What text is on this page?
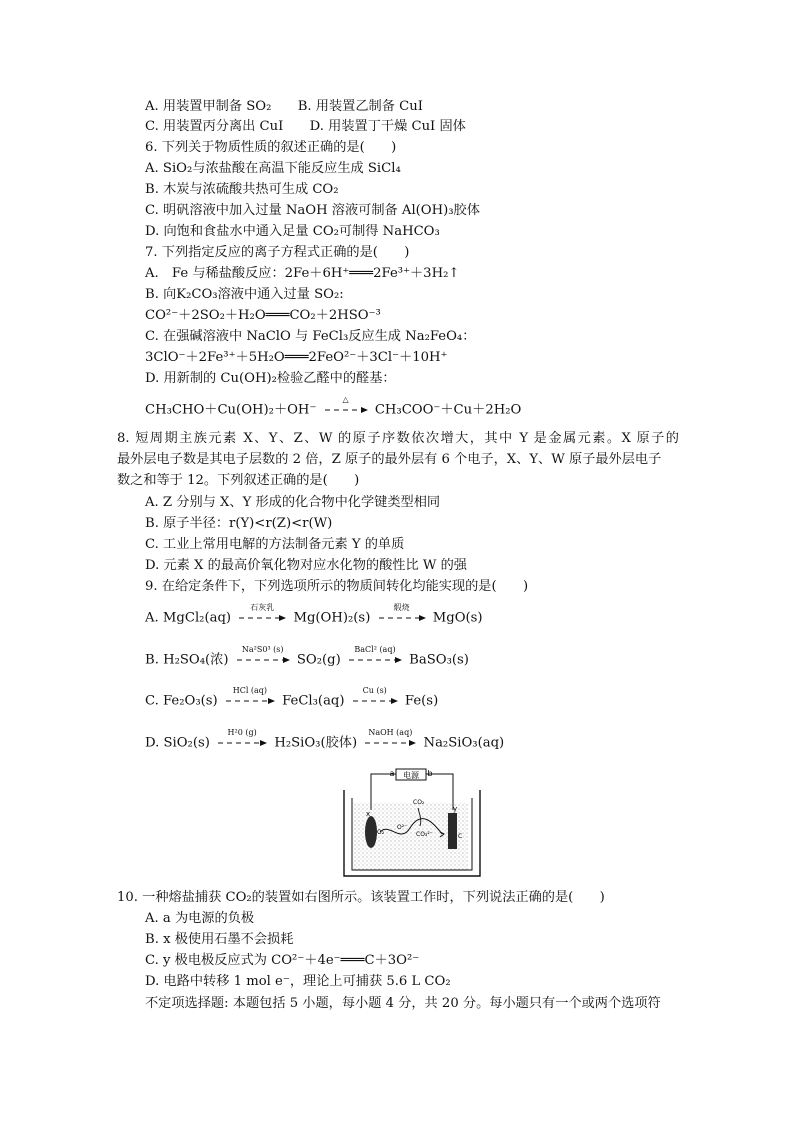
A. 用装置甲制备 SO₂　　B. 用装置乙制备 CuI
C. 用装置丙分离出 CuI　　D. 用装置丁干燥 CuI 固体
6. 下列关于物质性质的叙述正确的是(　　)
A. SiO₂与浓盐酸在高温下能反应生成 SiCl₄
B. 木炭与浓硫酸共热可生成 CO₂
C. 明矾溶液中加入过量 NaOH 溶液可制备 Al(OH)₃胶体
D. 向饱和食盐水中通入足量 CO₂可制得 NaHCO₃
7. 下列指定反应的离子方程式正确的是(　　)
A.　Fe 与稀盐酸反应：2Fe＋6H⁺═══2Fe³⁺＋3H₂↑
B. 向K₂CO₃溶液中通入过量 SO₂:
CO²⁻＋2SO₂＋H₂O═══CO₂＋2HSO⁻³
C. 在强碱溶液中 NaClO 与 FeCl₃反应生成 Na₂FeO₄：
3ClO⁻＋2Fe³⁺＋5H₂O═══2FeO²⁻＋3Cl⁻＋10H⁺
D. 用新制的 Cu(OH)₂检验乙醛中的醛基：
CH₃CHO＋Cu(OH)₂＋OH⁻
△
CH₃COO⁻＋Cu＋2H₂O
8. 短周期主族元素 X、Y、Z、W 的原子序数依次增大，其中 Y 是金属元素。X 原子的
最外层电子数是其电子层数的 2 倍，Z 原子的最外层有 6 个电子，X、Y、W 原子最外层电子
数之和等于 12。下列叙述正确的是(　　)
A. Z 分别与 X、Y 形成的化合物中化学键类型相同
B. 原子半径：r(Y)<r(Z)<r(W)
C. 工业上常用电解的方法制备元素 Y 的单质
D. 元素 X 的最高价氧化物对应水化物的酸性比 W 的强
9. 在给定条件下，下列选项所示的物质间转化均能实现的是(　　)
A. MgCl₂(aq)
石灰乳
Mg(OH)₂(s)
煅烧
MgO(s)
B. H₂SO₄(浓)
Na²S0³ (s)
SO₂(g)
BaCl² (aq)
BaSO₃(s)
C. Fe₂O₃(s)
HCl (aq)
FeCl₃(aq)
Cu (s)
Fe(s)
D. SiO₂(s)
H²0 (g)
H₂SiO₃(胶体)
NaOH (aq)
Na₂SiO₃(aq)
电源
a	b
x
y
O₂
O²⁻
CO₂
CO₃²⁻	C
10. 一种熔盐捕获 CO₂的装置如右图所示。该装置工作时，下列说法正确的是(　　)
A. a 为电源的负极
B. x 极使用石墨不会损耗
C. y 极电极反应式为 CO²⁻＋4e⁻═══C＋3O²⁻
D. 电路中转移 1 mol e⁻，理论上可捕获 5.6 L CO₂
不定项选择题: 本题包括 5 小题，每小题 4 分，共 20 分。每小题只有一个或两个选项符
